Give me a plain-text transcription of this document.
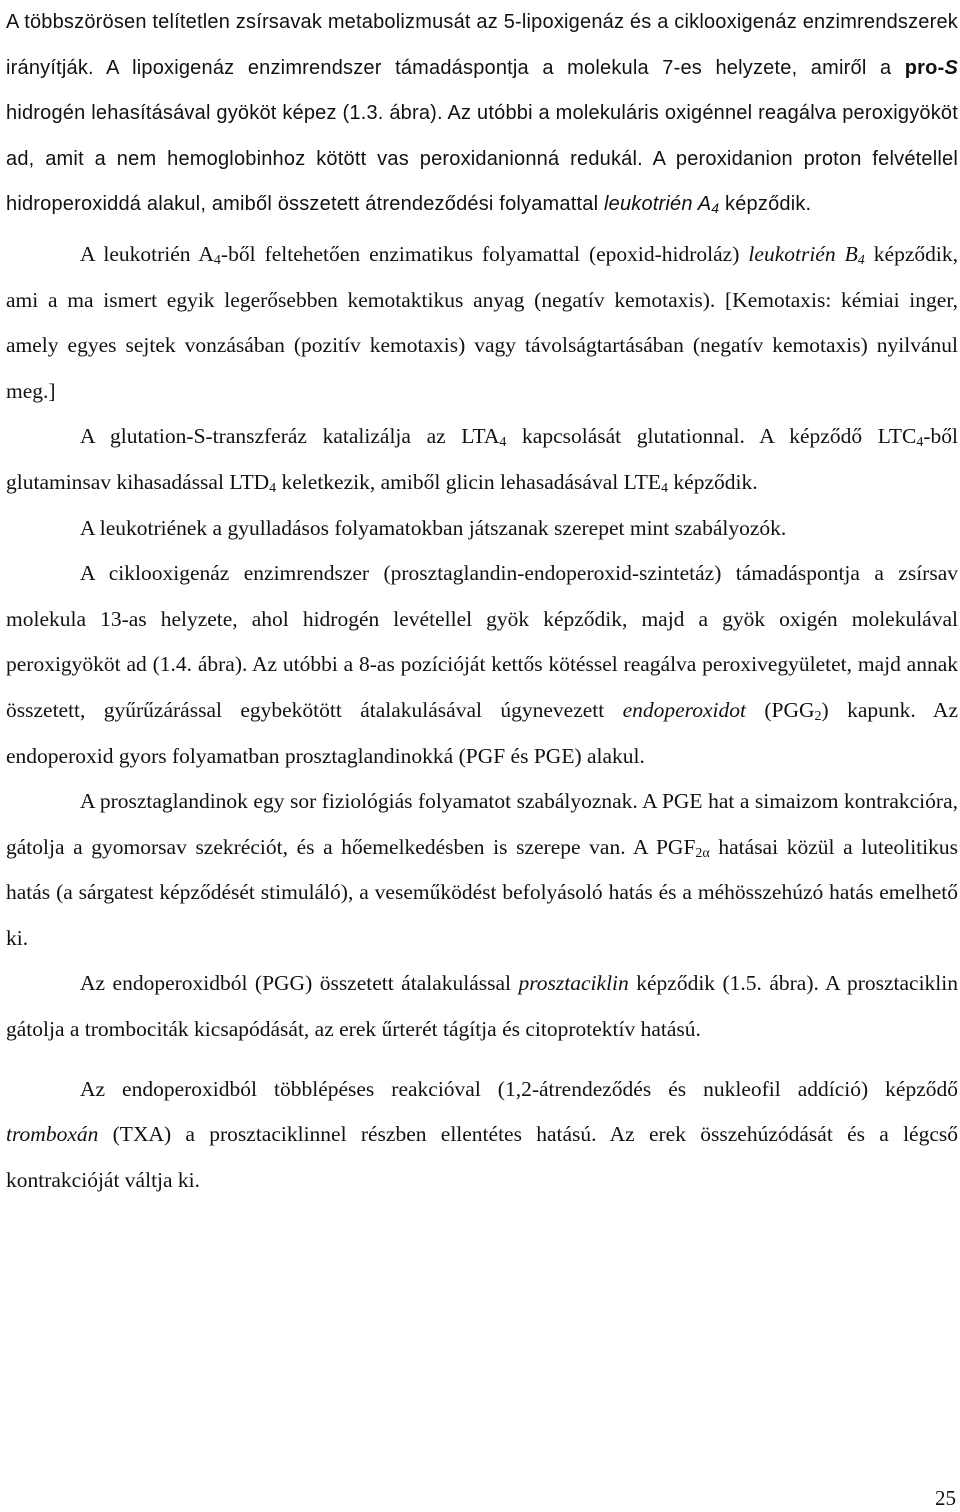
A többszörösen telítetlen zsírsavak metabolizmusát az 5-lipoxigenáz és a ciklooxigenáz enzimrendszerek irányítják. A lipoxigenáz enzimrendszer támadáspontja a molekula 7-es helyzete, amiről a pro-S hidrogén lehasításával gyököt képez (1.3. ábra). Az utóbbi a molekuláris oxigénnel reagálva peroxigyököt ad, amit a nem hemoglobinhoz kötött vas peroxidanionná redukál. A peroxidanion proton felvétellel hidroperoxiddá alakul, amiből összetett átrendeződési folyamattal leukotrién $A_4$ képződik.

A leukotrién $A_4$-ből feltehetően enzimatikus folyamattal (epoxid-hidroláz) leukotrién $B_4$ képződik, ami a ma ismert egyik legerősebben kemotaktikus anyag (negatív kemotaxis). [Kemotaxis: kémiai inger, amely egyes sejtek vonzásában (pozitív kemotaxis) vagy távolságtartásában (negatív kemotaxis) nyilvánul meg.]

A glutation-S-transzferáz katalizálja az $LTA_4$ kapcsolását glutationnal. A képződő $LTC_4$-ből glutaminsav kihasadással $LTD_4$ keletkezik, amiből glicin lehasadásával $LTE_4$ képződik.

A leukotriének a gyulladásos folyamatokban játszanak szerepet mint szabályozók.

A ciklooxigenáz enzimrendszer (prosztaglandin-endoperoxid-szintetáz) támadáspontja a zsírsav molekula 13-as helyzete, ahol hidrogén levétellel gyök képződik, majd a gyök oxigén molekulával peroxigyököt ad (1.4. ábra). Az utóbbi a 8-as pozícióját kettős kötéssel reagálva peroxivegyületet, majd annak összetett, gyűrűzárással egybekötött átalakulásával úgynevezett endoperoxidot $(PGG_2)$ kapunk. Az endoperoxid gyors folyamatban prosztaglandinokká (PGF és PGE) alakul.

A prosztaglandinok egy sor fiziológiás folyamatot szabályoznak. A PGE hat a simaizom kontrakcióra, gátolja a gyomorsav szekréciót, és a hőemelkedésben is szerepe van. A $PGF_{2\alpha}$ hatásai közül a luteolitikus hatás (a sárgatest képződését stimuláló), a veseműködést befolyásoló hatás és a méhösszehúzó hatás emelhető ki.

Az endoperoxidból (PGG) összetett átalakulással prosztaciklin képződik (1.5. ábra). A prosztaciklin gátolja a trombociták kicsapódását, az erek űrterét tágítja és citoprotektív hatású.

Az endoperoxidból többlépéses reakcióval (1,2-átrendeződés és nukleofil addíció) képződő tromboxán (TXA) a prosztaciklinnel részben ellentétes hatású. Az erek összehúzódását és a légcső kontrakcióját váltja ki.

25
